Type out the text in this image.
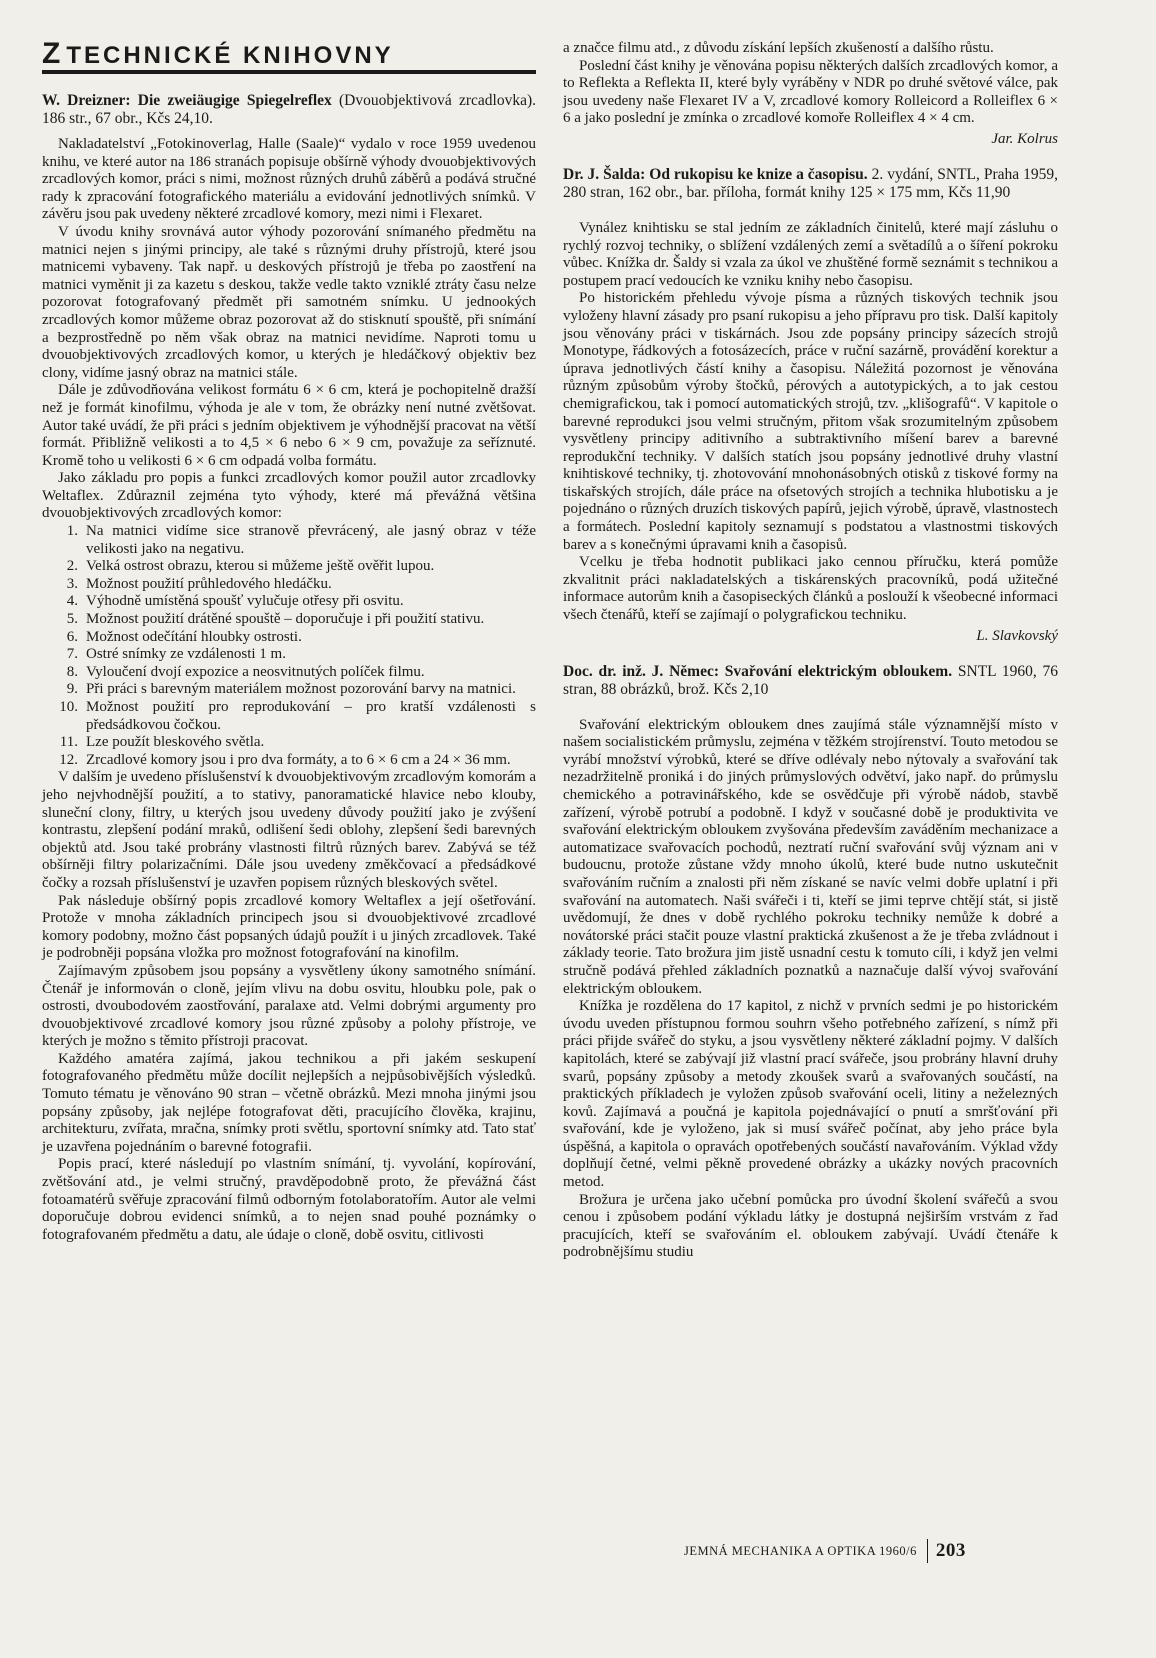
Z TECHNICKÉ KNIHOVNY

W. Dreizner: Die zweiäugige Spiegelreflex (Dvouobjektivová zrcadlovka). 186 str., 67 obr., Kčs 24,10.

Nakladatelství „Fotokinoverlag, Halle (Saale)“ vydalo v roce 1959 uvedenou knihu, ve které autor na 186 stranách popisuje obšírně výhody dvouobjektivových zrcadlových komor, práci s nimi, možnost různých druhů záběrů a podává stručné rady k zpracování fotografického materiálu a evidování jednotlivých snímků. V závěru jsou pak uvedeny některé zrcadlové komory, mezi nimi i Flexaret.

V úvodu knihy srovnává autor výhody pozorování snímaného předmětu na matnici nejen s jinými principy, ale také s různými druhy přístrojů, které jsou matnicemi vybaveny. Tak např. u deskových přístrojů je třeba po zaostření na matnici vyměnit ji za kazetu s deskou, takže vedle takto vzniklé ztráty času nelze pozorovat fotografovaný předmět při samotném snímku. U jednookých zrcadlových komor můžeme obraz pozorovat až do stisknutí spouště, při snímání a bezprostředně po něm však obraz na matnici nevidíme. Naproti tomu u dvouobjektivových zrcadlových komor, u kterých je hledáčkový objektiv bez clony, vidíme jasný obraz na matnici stále.

Dále je zdůvodňována velikost formátu 6 × 6 cm, která je pochopitelně dražší než je formát kinofilmu, výhoda je ale v tom, že obrázky není nutné zvětšovat. Autor také uvádí, že při práci s jedním objektivem je výhodnější pracovat na větší formát. Přibližně velikosti a to 4,5 × 6 nebo 6 × 9 cm, považuje za seříznuté. Kromě toho u velikosti 6 × 6 cm odpadá volba formátu.

Jako základu pro popis a funkci zrcadlových komor použil autor zrcadlovky Weltaflex. Zdůraznil zejména tyto výhody, které má převážná většina dvouobjektivových zrcadlových komor:

1. Na matnici vidíme sice stranově převrácený, ale jasný obraz v téže velikosti jako na negativu.
2. Velká ostrost obrazu, kterou si můžeme ještě ověřit lupou.
3. Možnost použití průhledového hledáčku.
4. Výhodně umístěná spoušť vylučuje otřesy při osvitu.
5. Možnost použití drátěné spouště – doporučuje i při použití stativu.
6. Možnost odečítání hloubky ostrosti.
7. Ostré snímky ze vzdálenosti 1 m.
8. Vyloučení dvojí expozice a neosvitnutých políček filmu.
9. Při práci s barevným materiálem možnost pozorování barvy na matnici.
10. Možnost použití pro reprodukování – pro kratší vzdálenosti s předsádkovou čočkou.
11. Lze použít bleskového světla.
12. Zrcadlové komory jsou i pro dva formáty, a to 6 × 6 cm a 24 × 36 mm.

V dalším je uvedeno příslušenství k dvouobjektivovým zrcadlovým komorám a jeho nejvhodnější použití, a to stativy, panoramatické hlavice nebo klouby, sluneční clony, filtry, u kterých jsou uvedeny důvody použití jako je zvýšení kontrastu, zlepšení podání mraků, odlišení šedi oblohy, zlepšení šedi barevných objektů atd. Jsou také probrány vlastnosti filtrů různých barev. Zabývá se též obšírněji filtry polarizačními. Dále jsou uvedeny změkčovací a předsádkové čočky a rozsah příslušenství je uzavřen popisem různých bleskových světel.

Pak následuje obšírný popis zrcadlové komory Weltaflex a její ošetřování. Protože v mnoha základních principech jsou si dvouobjektivové zrcadlové komory podobny, možno část popsaných údajů použít i u jiných zrcadlovek. Také je podrobněji popsána vložka pro možnost fotografování na kinofilm.

Zajímavým způsobem jsou popsány a vysvětleny úkony samotného snímání. Čtenář je informován o cloně, jejím vlivu na dobu osvitu, hloubku pole, pak o ostrosti, dvoubodovém zaostřování, paralaxe atd. Velmi dobrými argumenty pro dvouobjektivové zrcadlové komory jsou různé způsoby a polohy přístroje, ve kterých je možno s těmito přístroji pracovat.

Každého amatéra zajímá, jakou technikou a při jakém seskupení fotografovaného předmětu může docílit nejlepších a nejpůsobivějších výsledků. Tomuto tématu je věnováno 90 stran – včetně obrázků. Mezi mnoha jinými jsou popsány způsoby, jak nejlépe fotografovat děti, pracujícího člověka, krajinu, architekturu, zvířata, mračna, snímky proti světlu, sportovní snímky atd. Tato stať je uzavřena pojednáním o barevné fotografii.

Popis prací, které následují po vlastním snímání, tj. vyvolání, kopírování, zvětšování atd., je velmi stručný, pravděpodobně proto, že převážná část fotoamatérů svěřuje zpracování filmů odborným fotolaboratořím. Autor ale velmi doporučuje dobrou evidenci snímků, a to nejen snad pouhé poznámky o fotografovaném předmětu a datu, ale údaje o cloně, době osvitu, citlivosti

a značce filmu atd., z důvodu získání lepších zkušeností a dalšího růstu.

Poslední část knihy je věnována popisu některých dalších zrcadlových komor, a to Reflekta a Reflekta II, které byly vyráběny v NDR po druhé světové válce, pak jsou uvedeny naše Flexaret IV a V, zrcadlové komory Rolleicord a Rolleiflex 6 × 6 a jako poslední je zmínka o zrcadlové komoře Rolleiflex 4 × 4 cm.

Jar. Kolrus

Dr. J. Šalda: Od rukopisu ke knize a časopisu. 2. vydání, SNTL, Praha 1959, 280 stran, 162 obr., bar. příloha, formát knihy 125 × 175 mm, Kčs 11,90

Vynález knihtisku se stal jedním ze základních činitelů, které mají zásluhu o rychlý rozvoj techniky, o sblížení vzdálených zemí a světadílů a o šíření pokroku vůbec. Knížka dr. Šaldy si vzala za úkol ve zhuštěné formě seznámit s technikou a postupem prací vedoucích ke vzniku knihy nebo časopisu.

Po historickém přehledu vývoje písma a různých tiskových technik jsou vyloženy hlavní zásady pro psaní rukopisu a jeho přípravu pro tisk. Další kapitoly jsou věnovány práci v tiskárnách. Jsou zde popsány principy sázecích strojů Monotype, řádkových a fotosázecích, práce v ruční sazárně, provádění korektur a úprava jednotlivých částí knihy a časopisu. Náležitá pozornost je věnována různým způsobům výroby štočků, pérových a autotypických, a to jak cestou chemigrafickou, tak i pomocí automatických strojů, tzv. „klišografů“. V kapitole o barevné reprodukci jsou velmi stručným, přitom však srozumitelným způsobem vysvětleny principy aditivního a subtraktivního míšení barev a barevné reprodukční techniky. V dalších statích jsou popsány jednotlivé druhy vlastní knihtiskové techniky, tj. zhotovování mnohonásobných otisků z tiskové formy na tiskařských strojích, dále práce na ofsetových strojích a technika hlubotisku a je pojednáno o různých druzích tiskových papírů, jejich výrobě, úpravě, vlastnostech a formátech. Poslední kapitoly seznamují s podstatou a vlastnostmi tiskových barev a s konečnými úpravami knih a časopisů.

Vcelku je třeba hodnotit publikaci jako cennou příručku, která pomůže zkvalitnit práci nakladatelských a tiskárenských pracovníků, podá užitečné informace autorům knih a časopiseckých článků a poslouží k všeobecné informaci všech čtenářů, kteří se zajímají o polygrafickou techniku.

L. Slavkovský

Doc. dr. inž. J. Němec: Svařování elektrickým obloukem. SNTL 1960, 76 stran, 88 obrázků, brož. Kčs 2,10

Svařování elektrickým obloukem dnes zaujímá stále významnější místo v našem socialistickém průmyslu, zejména v těžkém strojírenství. Touto metodou se vyrábí množství výrobků, které se dříve odlévaly nebo nýtovaly a svařování tak nezadržitelně proniká i do jiných průmyslových odvětví, jako např. do průmyslu chemického a potravinářského, kde se osvědčuje při výrobě nádob, stavbě zařízení, výrobě potrubí a podobně. I když v současné době je produktivita ve svařování elektrickým obloukem zvyšována především zaváděním mechanizace a automatizace svařovacích pochodů, neztratí ruční svařování svůj význam ani v budoucnu, protože zůstane vždy mnoho úkolů, které bude nutno uskutečnit svařováním ručním a znalosti při něm získané se navíc velmi dobře uplatní i při svařování na automatech. Naši svářeči i ti, kteří se jimi teprve chtějí stát, si jistě uvědomují, že dnes v době rychlého pokroku techniky nemůže k dobré a novátorské práci stačit pouze vlastní praktická zkušenost a že je třeba zvládnout i základy teorie. Tato brožura jim jistě usnadní cestu k tomuto cíli, i když jen velmi stručně podává přehled základních poznatků a naznačuje další vývoj svařování elektrickým obloukem.

Knížka je rozdělena do 17 kapitol, z nichž v prvních sedmi je po historickém úvodu uveden přístupnou formou souhrn všeho potřebného zařízení, s nímž při práci přijde svářeč do styku, a jsou vysvětleny některé základní pojmy. V dalších kapitolách, které se zabývají již vlastní prací svářeče, jsou probrány hlavní druhy svarů, popsány způsoby a metody zkoušek svarů a svařovaných součástí, na praktických příkladech je vyložen způsob svařování oceli, litiny a neželezných kovů. Zajímavá a poučná je kapitola pojednávající o pnutí a smršťování při svařování, kde je vyloženo, jak si musí svářeč počínat, aby jeho práce byla úspěšná, a kapitola o opravách opotřebených součástí navařováním. Výklad vždy doplňují četné, velmi pěkně provedené obrázky a ukázky nových pracovních metod.

Brožura je určena jako učební pomůcka pro úvodní školení svářečů a svou cenou i způsobem podání výkladu látky je dostupná nejširším vrstvám z řad pracujících, kteří se svařováním el. obloukem zabývají. Uvádí čtenáře k podrobnějšímu studiu

JEMNÁ MECHANIKA A OPTIKA 1960/6 203
